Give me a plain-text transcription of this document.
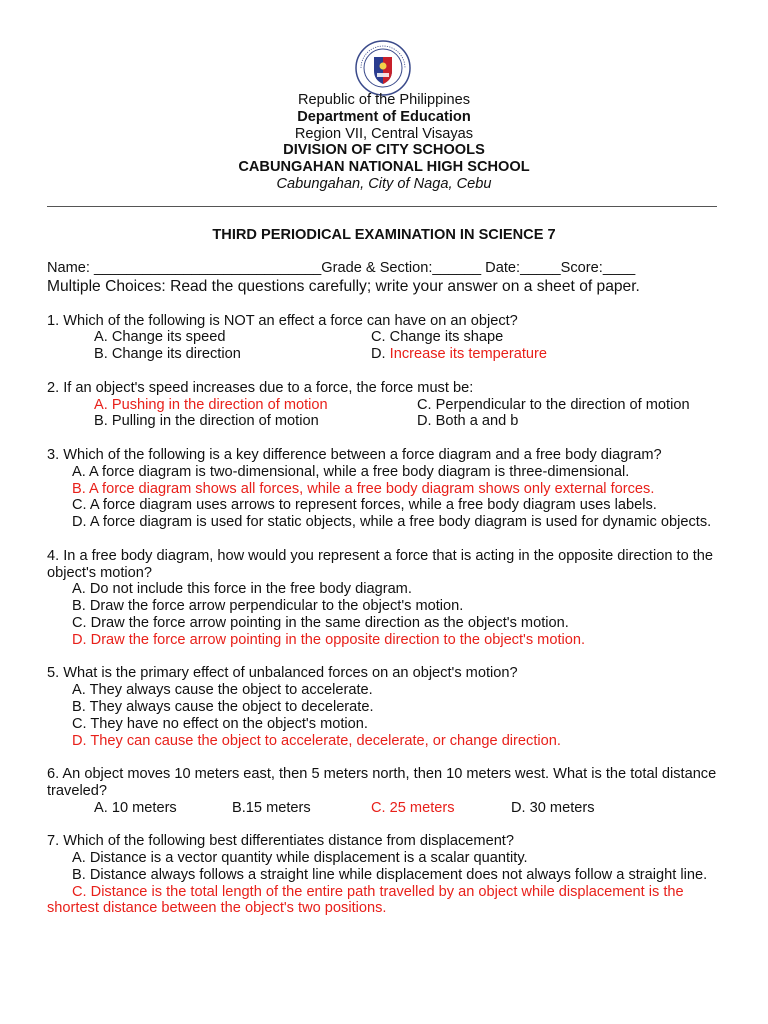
Republic of the Philippines
Department of Education
Region VII, Central Visayas
DIVISION OF CITY SCHOOLS
CABUNGAHAN NATIONAL HIGH SCHOOL
Cabungahan, City of Naga, Cebu
THIRD PERIODICAL EXAMINATION IN SCIENCE 7
Name: ____________________________Grade & Section:______ Date:_____Score:____
Multiple Choices: Read the questions carefully; write your answer on a sheet of paper.
1. Which of the following is NOT an effect a force can have on an object?
A. Change its speed	C. Change its shape
B. Change its direction	D. Increase its temperature
2. If an object's speed increases due to a force, the force must be:
A. Pushing in the direction of motion	C. Perpendicular to the direction of motion
B. Pulling in the direction of motion	D. Both a and b
3. Which of the following is a key difference between a force diagram and a free body diagram?
A. A force diagram is two-dimensional, while a free body diagram is three-dimensional.
B. A force diagram shows all forces, while a free body diagram shows only external forces.
C. A force diagram uses arrows to represent forces, while a free body diagram uses labels.
D. A force diagram is used for static objects, while a free body diagram is used for dynamic objects.
4. In a free body diagram, how would you represent a force that is acting in the opposite direction to the object's motion?
A. Do not include this force in the free body diagram.
B. Draw the force arrow perpendicular to the object's motion.
C. Draw the force arrow pointing in the same direction as the object's motion.
D. Draw the force arrow pointing in the opposite direction to the object's motion.
5. What is the primary effect of unbalanced forces on an object's motion?
A. They always cause the object to accelerate.
B. They always cause the object to decelerate.
C. They have no effect on the object's motion.
D. They can cause the object to accelerate, decelerate, or change direction.
6. An object moves 10 meters east, then 5 meters north, then 10 meters west. What is the total distance traveled?
A. 10 meters	B.15 meters	C. 25 meters	D. 30 meters
7. Which of the following best differentiates distance from displacement?
A. Distance is a vector quantity while displacement is a scalar quantity.
B. Distance always follows a straight line while displacement does not always follow a straight line.
C. Distance is the total length of the entire path travelled by an object while displacement is the shortest distance between the object's two positions.
